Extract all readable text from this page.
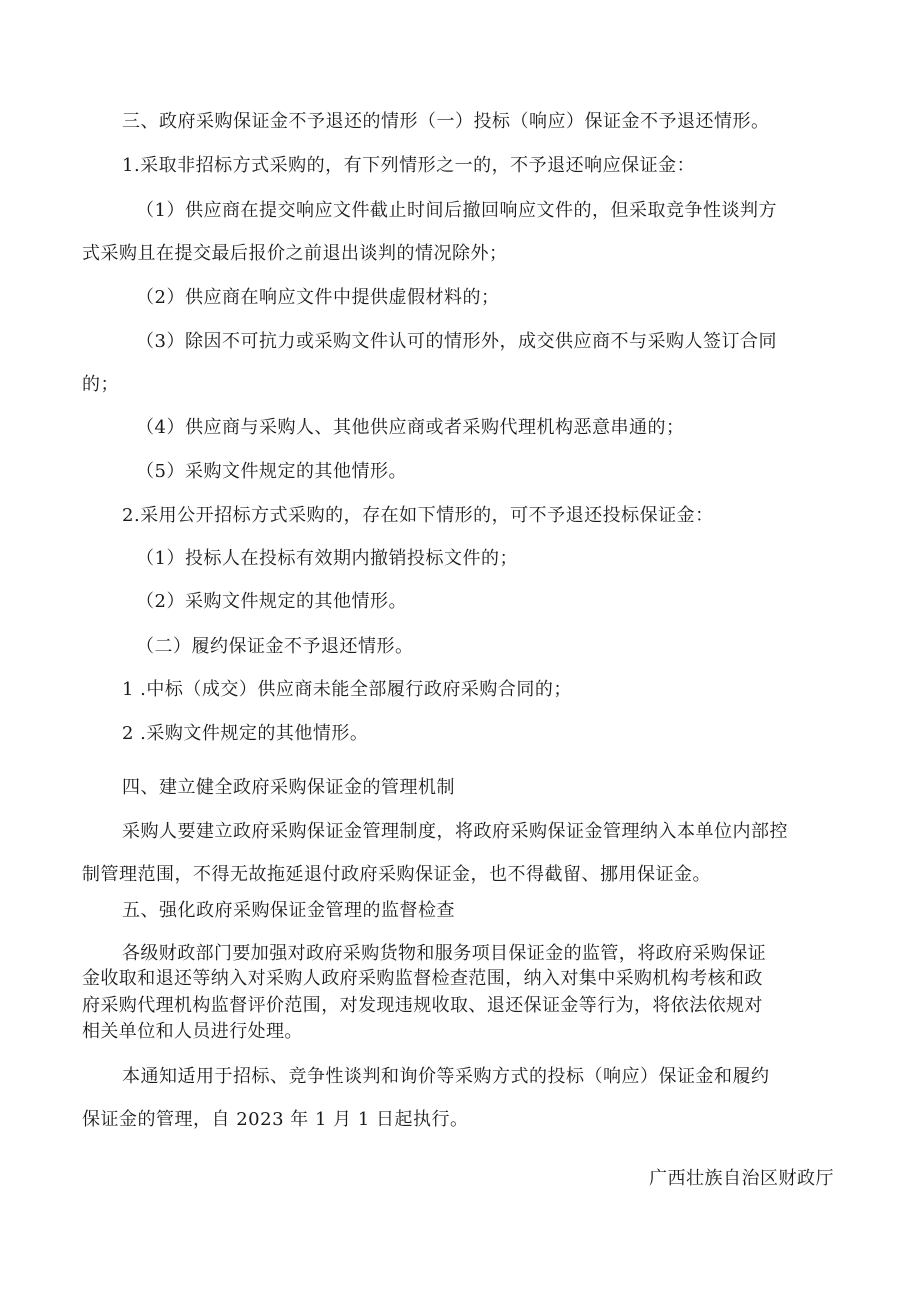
三、政府采购保证金不予退还的情形（一）投标（响应）保证金不予退还情形。
1.采取非招标方式采购的，有下列情形之一的，不予退还响应保证金：
（1）供应商在提交响应文件截止时间后撤回响应文件的，但采取竞争性谈判方
式采购且在提交最后报价之前退出谈判的情况除外；
（2）供应商在响应文件中提供虚假材料的；
（3）除因不可抗力或采购文件认可的情形外，成交供应商不与采购人签订合同
的；
（4）供应商与采购人、其他供应商或者采购代理机构恶意串通的；
（5）采购文件规定的其他情形。
2.采用公开招标方式采购的，存在如下情形的，可不予退还投标保证金：
（1）投标人在投标有效期内撤销投标文件的；
（2）采购文件规定的其他情形。
（二）履约保证金不予退还情形。
1 .中标（成交）供应商未能全部履行政府采购合同的；
2 .采购文件规定的其他情形。
四、建立健全政府采购保证金的管理机制
采购人要建立政府采购保证金管理制度，将政府采购保证金管理纳入本单位内部控
制管理范围，不得无故拖延退付政府采购保证金，也不得截留、挪用保证金。
五、强化政府采购保证金管理的监督检查
各级财政部门要加强对政府采购货物和服务项目保证金的监管，将政府采购保证
金收取和退还等纳入对采购人政府采购监督检查范围，纳入对集中采购机构考核和政
府采购代理机构监督评价范围，对发现违规收取、退还保证金等行为，将依法依规对
相关单位和人员进行处理。
本通知适用于招标、竞争性谈判和询价等采购方式的投标（响应）保证金和履约
保证金的管理，自 2023 年 1 月 1 日起执行。
广西壮族自治区财政厅
